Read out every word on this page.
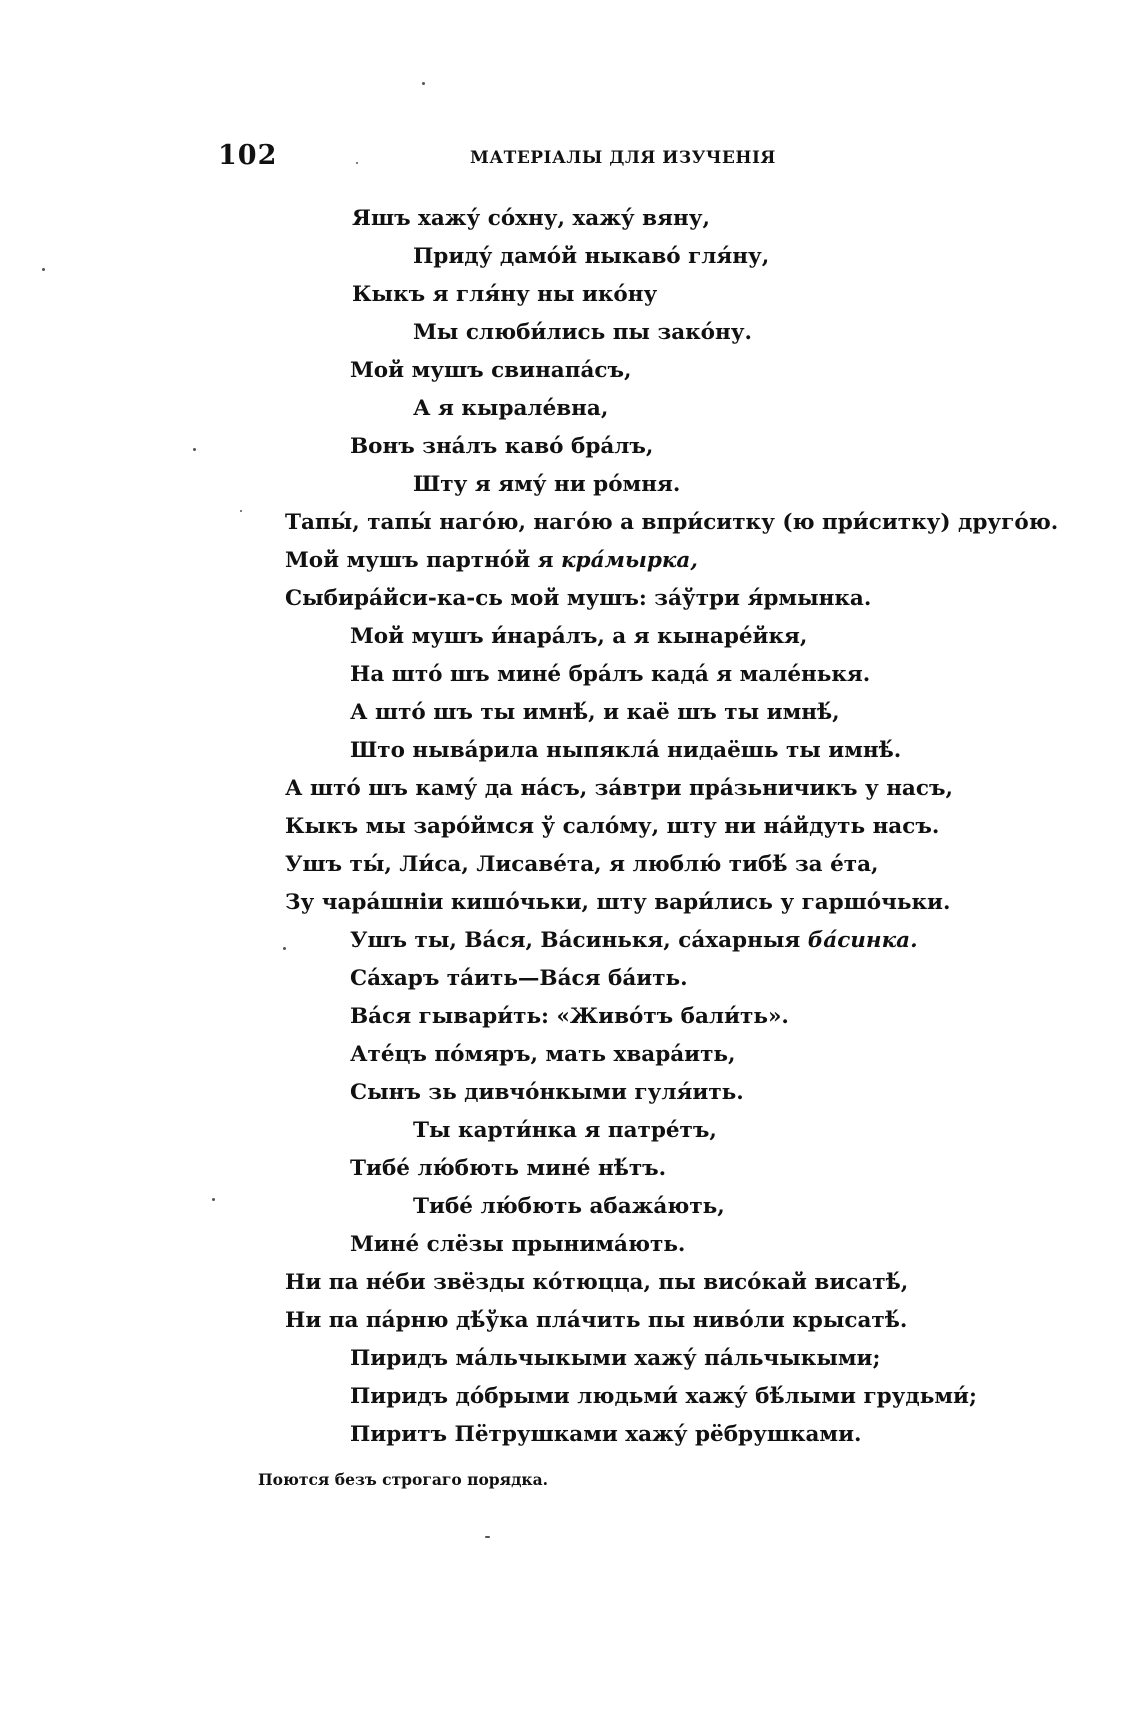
102	МАТЕРІАЛЫ ДЛЯ ИЗУЧЕНІЯ
Яшъ хажу́ со́хну, хажу́ вяну,
Приду́ дамо́й ныкаво́ гля́ну,
Кыкъ я гля́ну ны ико́ну
Мы слюби́лись пы зако́ну.
Мой мушъ свинапа́съ,
А я кырале́вна,
Вонъ зна́лъ каво́ бра́лъ,
Шту я яму́ ни ро́мня.
Тапы́, тапы́ наго́ю, наго́ю а впри́ситку (ю при́ситку) друго́ю.
Мой мушъ партно́й я кра́мырка,
Сыбира́йси-ка-сь мой мушъ: за́ўтри я́рмынка.
Мой мушъ и́нара́лъ, а я кынаре́йкя,
На што́ шъ мине́ бра́лъ када́ я мале́нькя.
А што́ шъ ты имнѣ́, и каё шъ ты имнѣ́,
Што ныва́рила ныпякла́ нидаёшь ты имнѣ́.
А што́ шъ каму́ да на́съ, за́втри пра́зьничикъ у насъ,
Кыкъ мы заро́ймся ў сало́му, шту ни на́йдуть насъ.
Ушъ ты́, Ли́са, Лисаве́та, я люблю́ тибѣ́ за е́та,
Зу чара́шніи кишо́чьки, шту вари́лись у гаршо́чьки.
Ушъ ты, Ва́ся, Ва́синькя, са́харныя ба́синка.
Са́харъ та́ить—Ва́ся ба́ить.
Ва́ся гывари́ть: «Живо́тъ бали́ть».
Ате́цъ по́мяръ, мать хвара́ить,
Сынъ зь дивчо́нкыми гуля́ить.
Ты карти́нка я патре́тъ,
Тибе́ лю́бють мине́ нѣ́тъ.
Тибе́ лю́бють абажа́ють,
Мине́ слёзы прынима́ють.
Ни па не́би звёзды ко́тюцца, пы висо́кай висатѣ́,
Ни па па́рню дѣ́ўка пла́чить пы ниво́ли крысатѣ́.
Пиридъ ма́льчыкыми хажу́ па́льчыкыми;
Пиридъ до́брыми людьми́ хажу́ бѣ́лыми грудьми́;
Пиритъ Пётрушками хажу́ рёбрушками.
Поются безъ строгаго порядка.
